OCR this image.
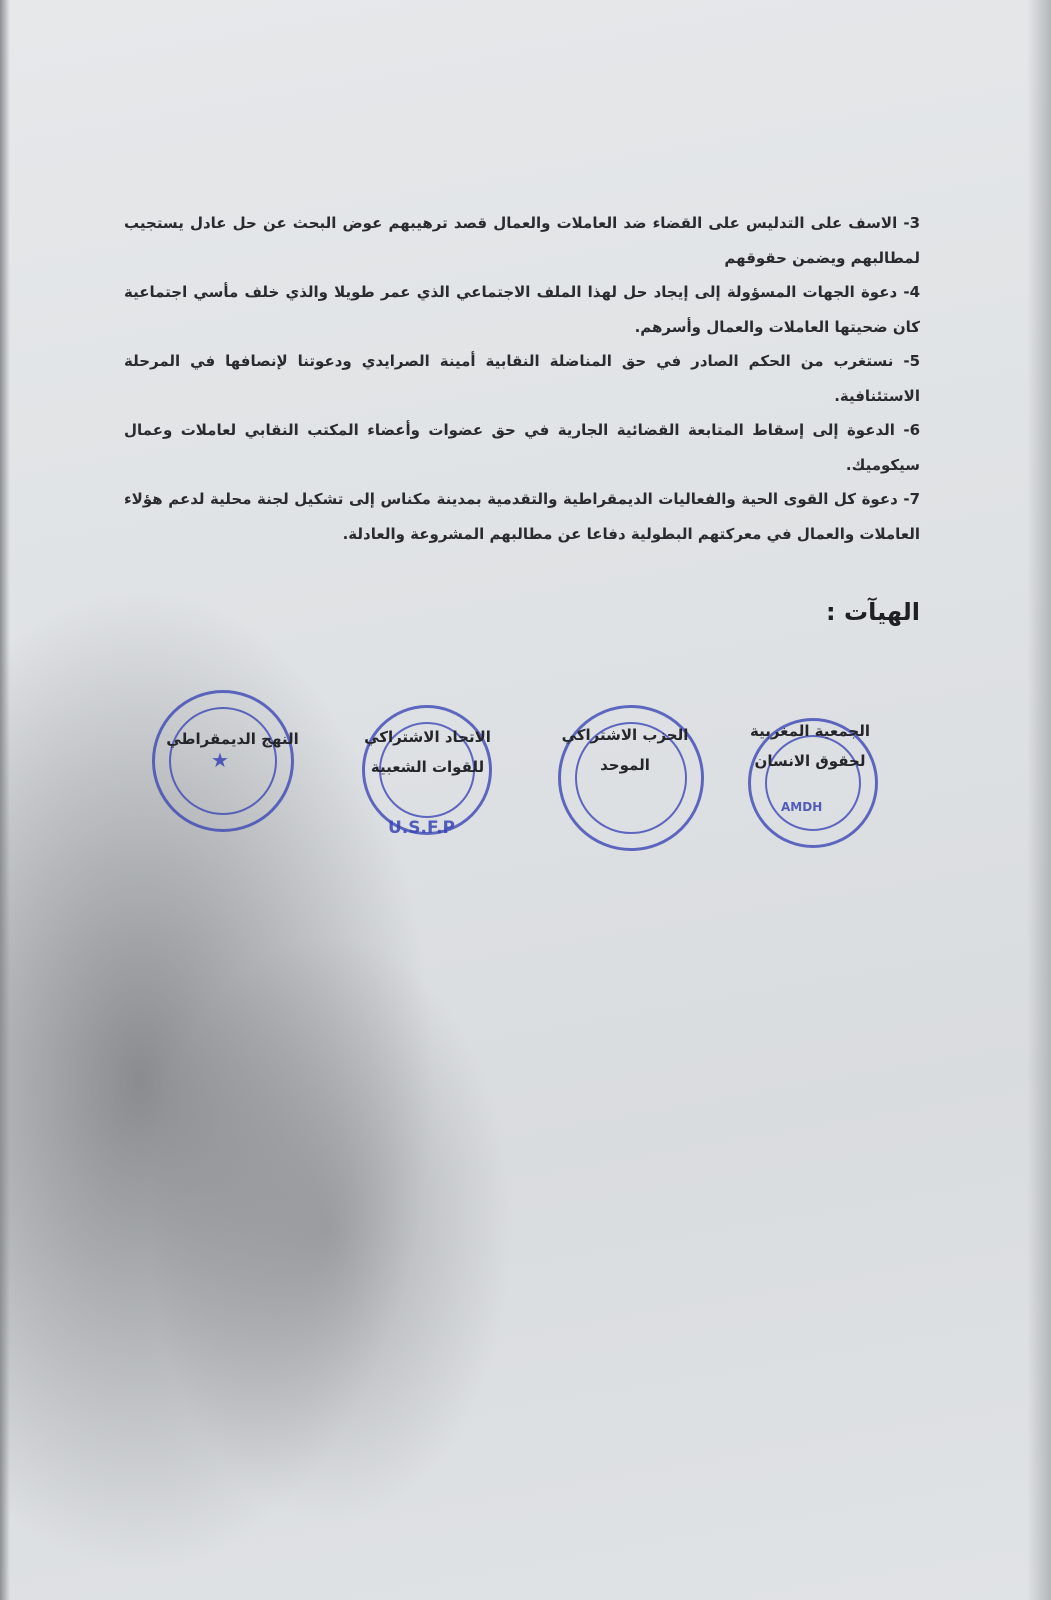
3- الاسف على التدليس على القضاء ضد العاملات والعمال قصد ترهيبهم عوض البحث عن حل عادل يستجيب لمطالبهم ويضمن حقوقهم
4- دعوة الجهات المسؤولة إلى إيجاد حل لهذا الملف الاجتماعي الذي عمر طويلا والذي خلف مأسي اجتماعية كان ضحيتها العاملات والعمال وأسرهم.
5- نستغرب من الحكم الصادر في حق المناضلة النقابية أمينة الصرايدي ودعوتنا لإنصافها في المرحلة الاستئنافية.
6- الدعوة إلى إسقاط المتابعة القضائية الجارية في حق عضوات وأعضاء المكتب النقابي لعاملات وعمال سيكوميك.
7- دعوة كل القوى الحية والفعاليات الديمقراطية والتقدمية بمدينة مكناس إلى تشكيل لجنة محلية لدعم هؤلاء العاملات والعمال في معركتهم البطولية دفاعا عن مطالبهم المشروعة والعادلة.
الهيآت :
AMDH
الجمعية المغربية
لحقوق الانسان
الحزب الاشتراكي
الموحد
U.S.F.P
الاتحاد الاشتراكي
للقوات الشعبية
★
النهج الديمقراطي
